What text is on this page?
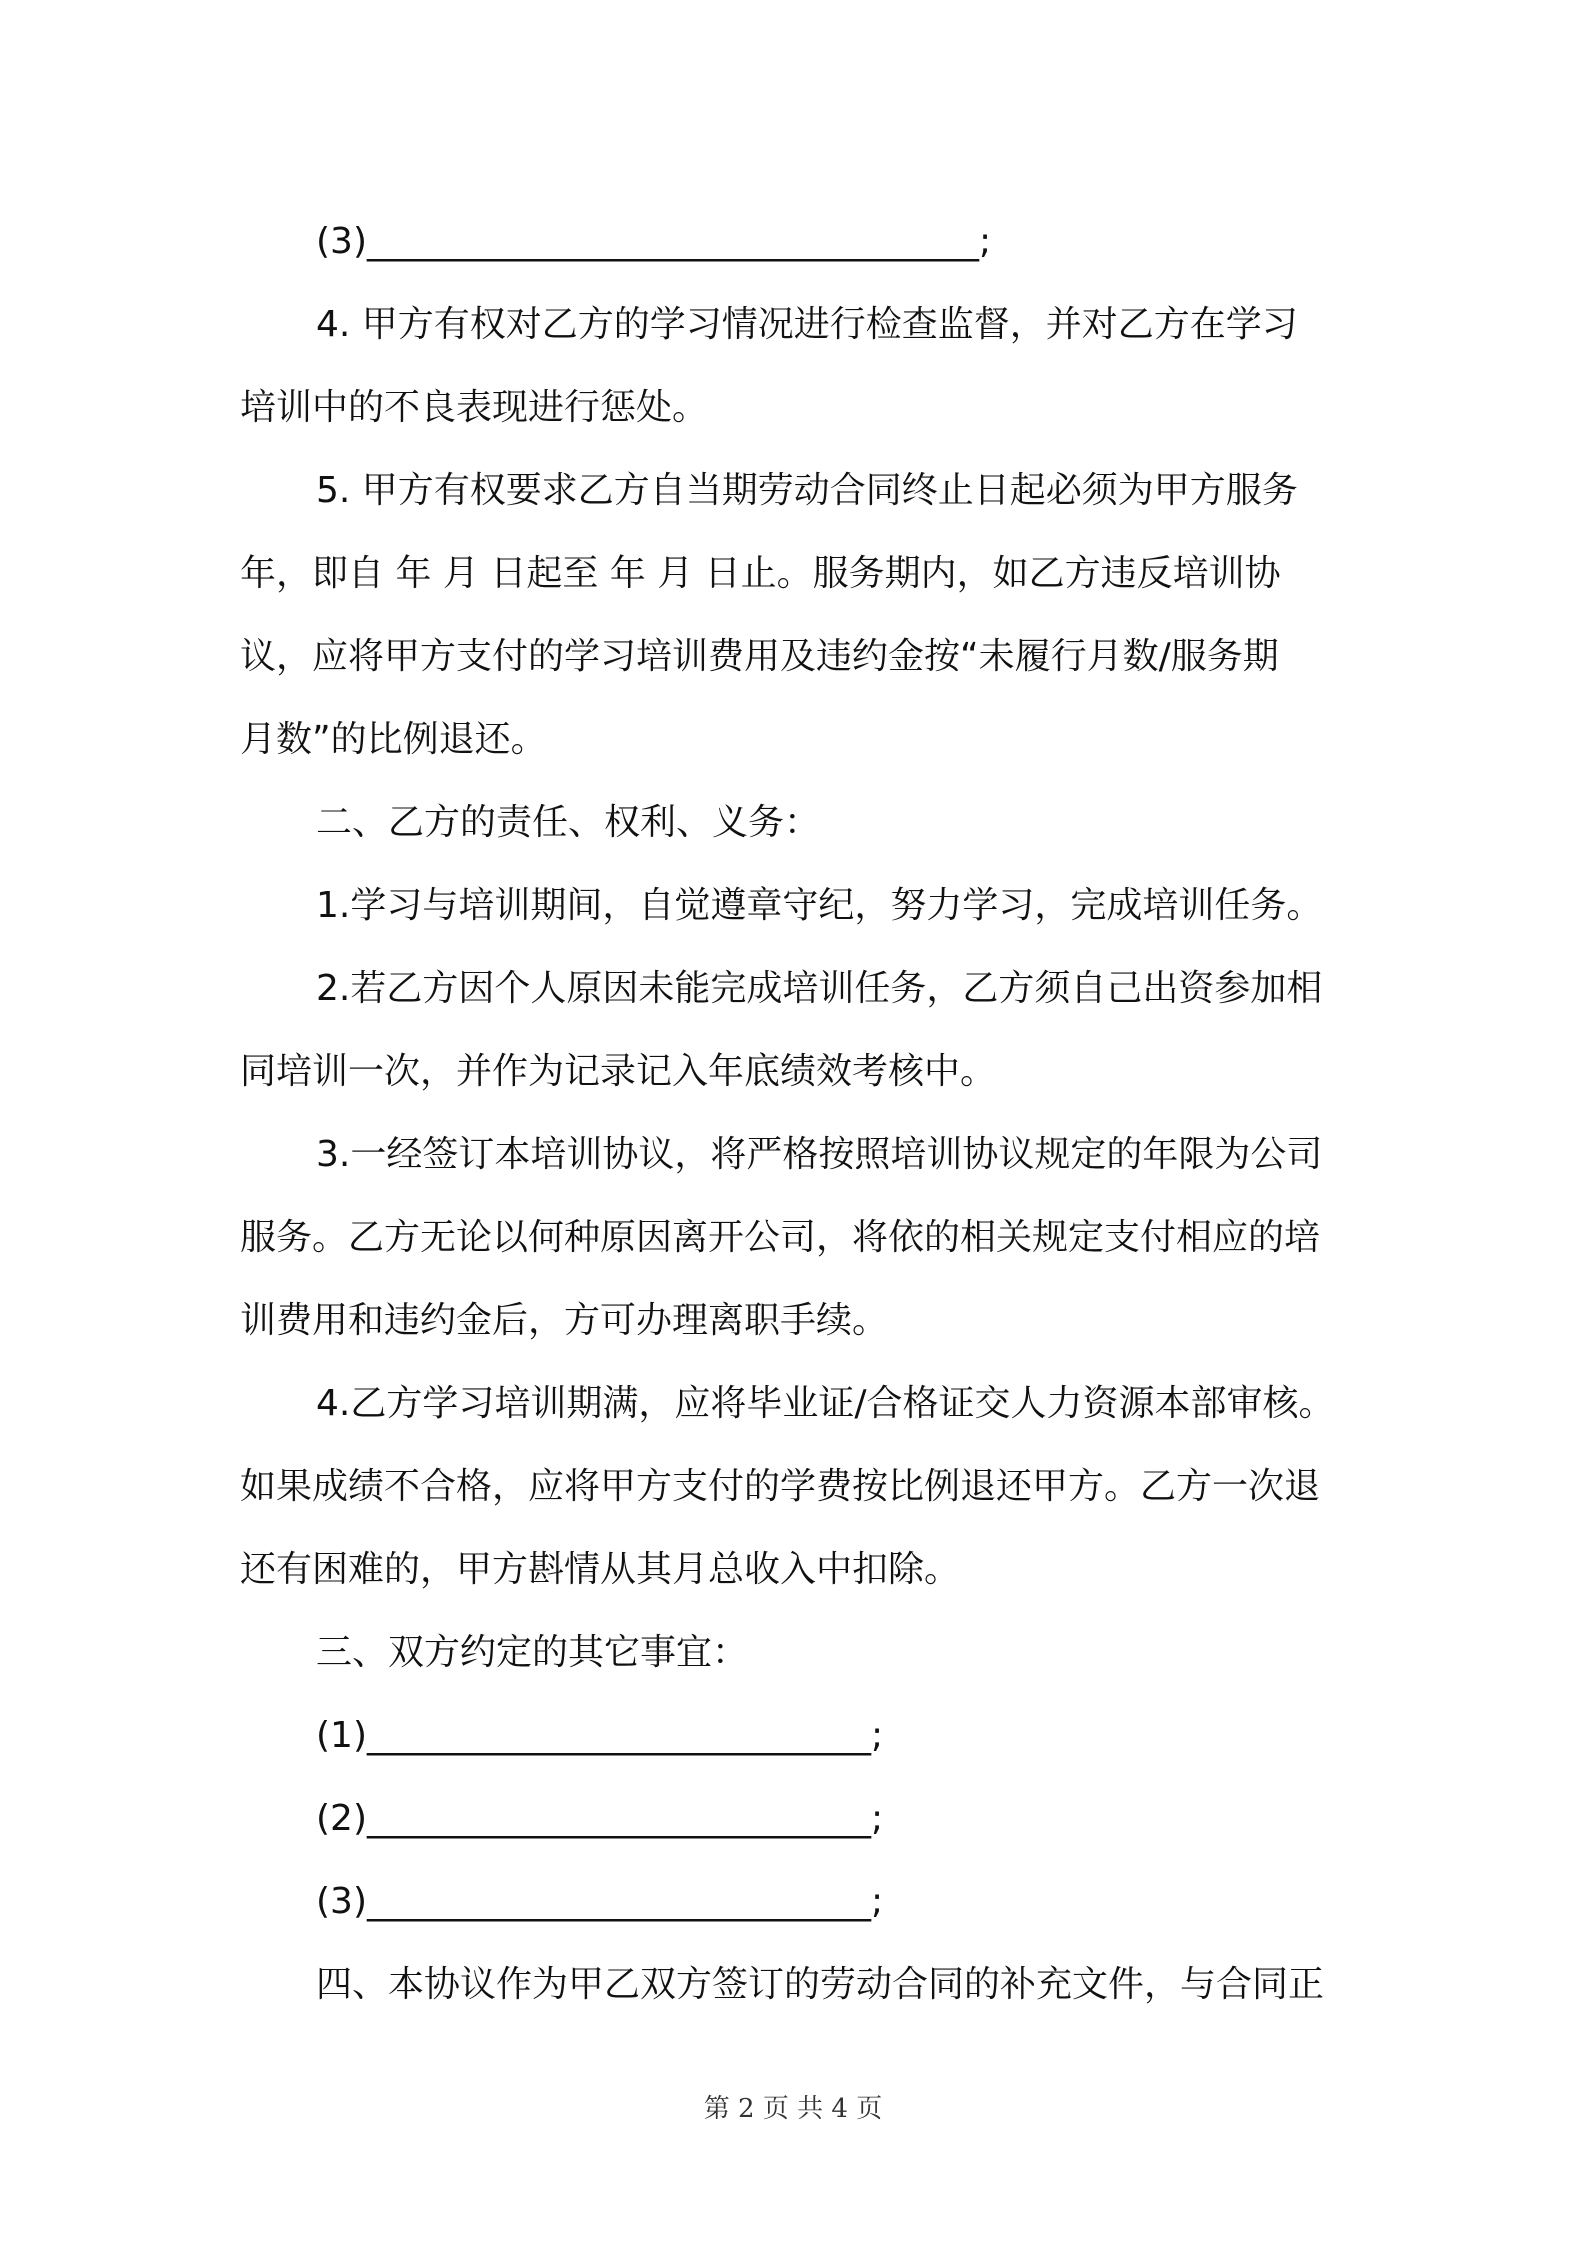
(3)__________________________________;
4. 甲方有权对乙方的学习情况进行检查监督，并对乙方在学习
培训中的不良表现进行惩处。
5. 甲方有权要求乙方自当期劳动合同终止日起必须为甲方服务
年，即自 年 月 日起至 年 月 日止。服务期内，如乙方违反培训协
议，应将甲方支付的学习培训费用及违约金按“未履行月数/服务期
月数”的比例退还。
二、乙方的责任、权利、义务：
1.学习与培训期间，自觉遵章守纪，努力学习，完成培训任务。
2.若乙方因个人原因未能完成培训任务，乙方须自己出资参加相
同培训一次，并作为记录记入年底绩效考核中。
3.一经签订本培训协议，将严格按照培训协议规定的年限为公司
服务。乙方无论以何种原因离开公司，将依的相关规定支付相应的培
训费用和违约金后，方可办理离职手续。
4.乙方学习培训期满，应将毕业证/合格证交人力资源本部审核。
如果成绩不合格，应将甲方支付的学费按比例退还甲方。乙方一次退
还有困难的，甲方斟情从其月总收入中扣除。
三、双方约定的其它事宜：
(1)____________________________;
(2)____________________________;
(3)____________________________;
四、本协议作为甲乙双方签订的劳动合同的补充文件，与合同正
第 2 页 共 4 页
